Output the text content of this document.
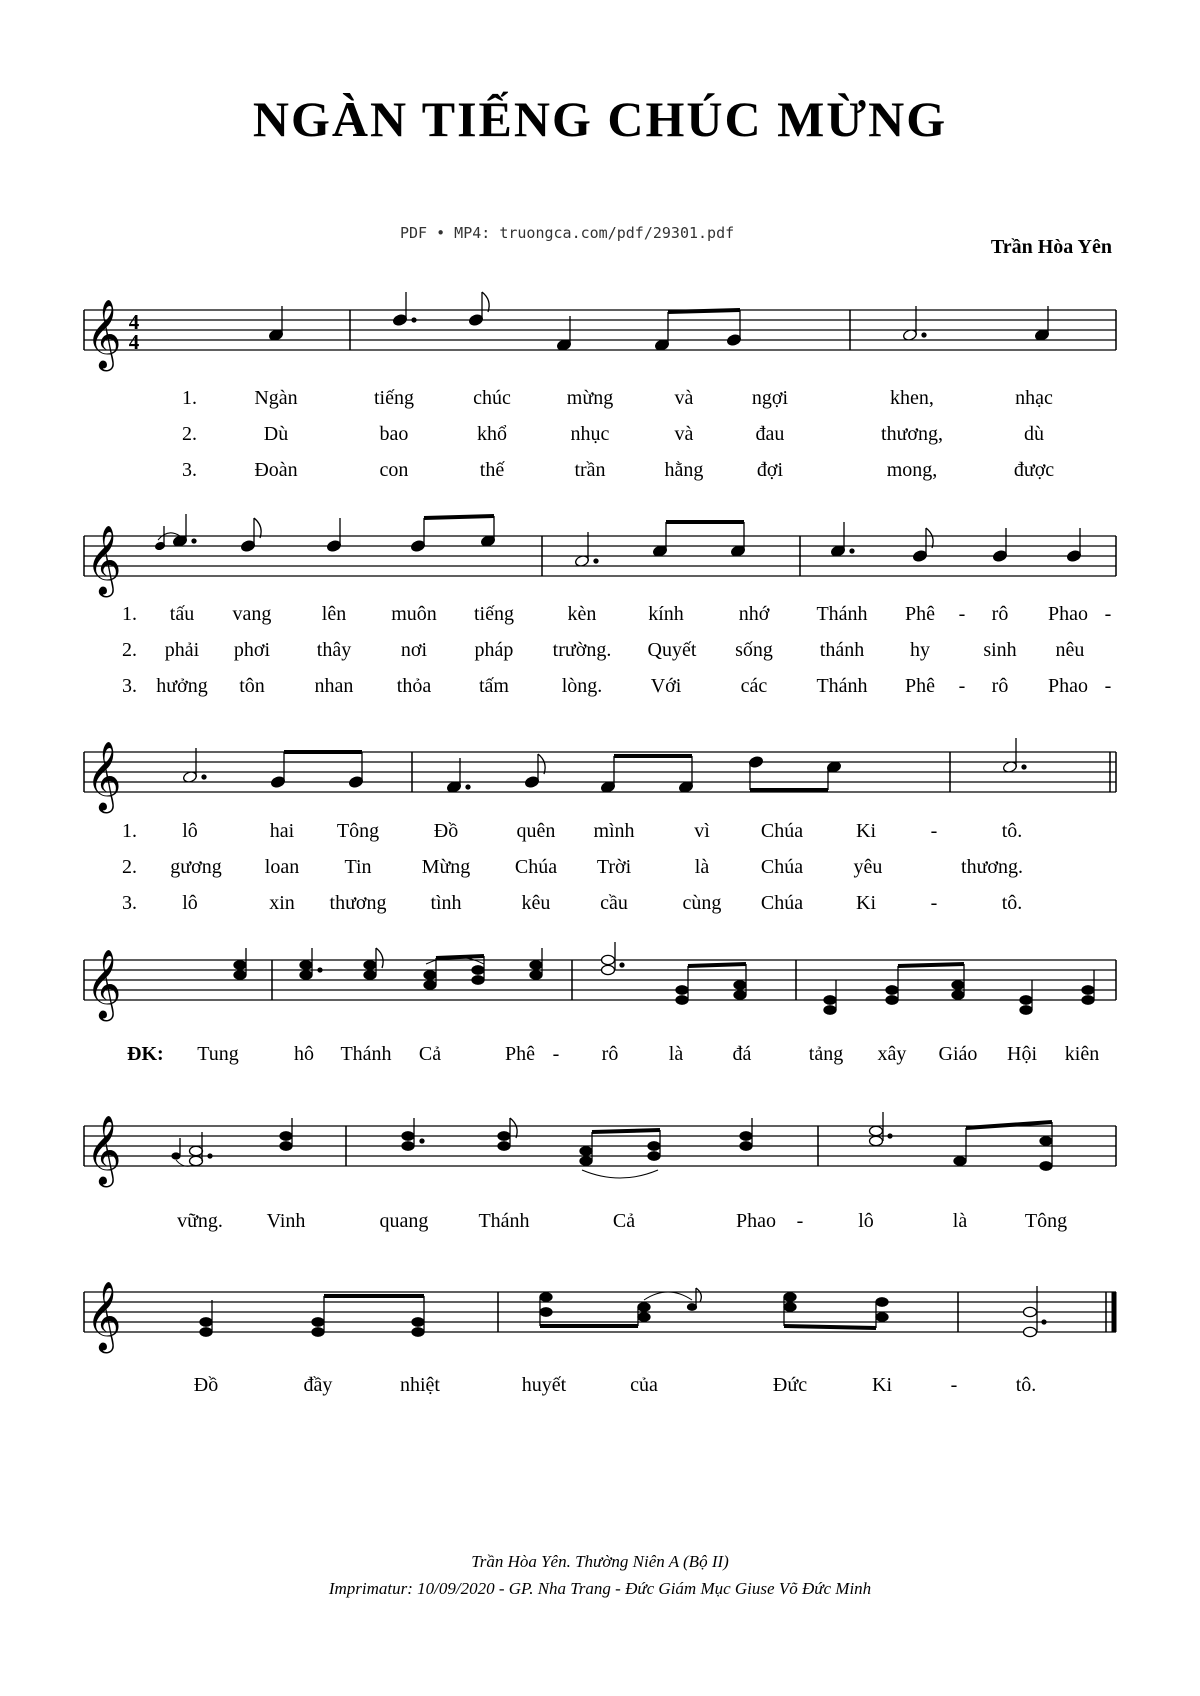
NGÀN TIẾNG CHÚC MỪNG
PDF • MP4: truongca.com/pdf/29301.pdf
Trần Hòa Yên
𝄞 4
4
1.	Ngàn	tiếng	chúc	mừng	và	ngợi	khen,	nhạc
2.	Dù	bao	khổ	nhục	và	đau	thương,	dù
3.	Đoàn	con	thế	trần	hằng	đợi	mong,	được
𝄞
1. tấu vang	lên muôn tiếng	kèn	kính	nhớ Thánh Phê - rô Phao -
2. phải phơi thây nơi pháp trường. Quyết sống thánh hy	sinh nêu
3. hưởng tôn nhan thỏa tấm	lòng. Với	các Thánh Phê - rô Phao -
𝄞
1. lô	hai Tông	Đồ	quên mình	vì	Chúa	Ki	-	tô.
2. gương loan Tin	Mừng Chúa Trời	là	Chúa	yêu	thương.
3. lô	xin thương tình	kêu cầu	cùng Chúa	Ki	-	tô.
𝄞
ĐK: Tung	hô Thánh Cả	Phê - rô	là đá	tảng xây Giáo Hội kiên
𝄞
vững. Vinh	quang	Thánh	Cả	Phao -	lô	là	Tông
𝄞
Đồ	đầy	nhiệt	huyết	của	Đức	Ki	-	tô.
Trần Hòa Yên. Thường Niên A (Bộ II)
Imprimatur: 10/09/2020 - GP. Nha Trang - Đức Giám Mục Giuse Võ Đức Minh
